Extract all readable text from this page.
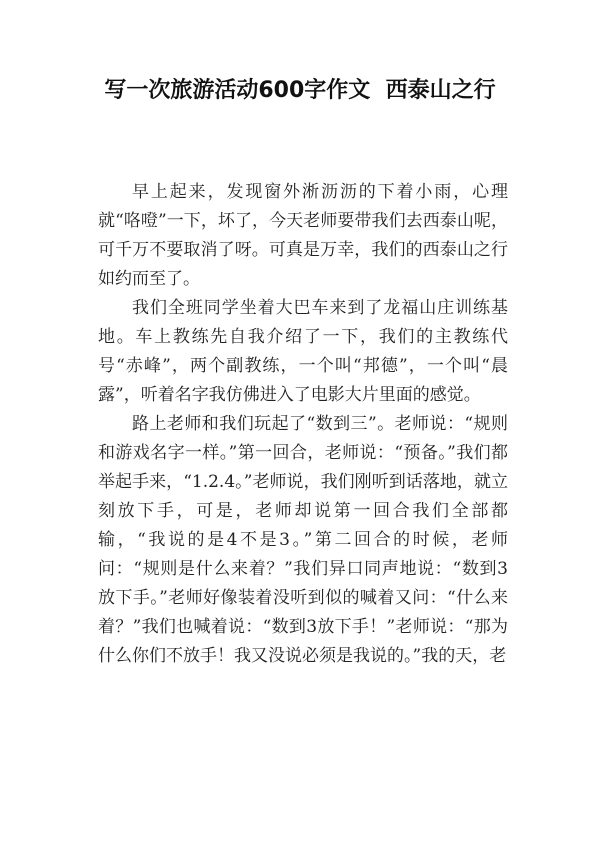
写一次旅游活动600字作文  西泰山之行

早上起来，发现窗外淅沥沥的下着小雨，心理就“咯噔”一下，坏了，今天老师要带我们去西泰山呢，可千万不要取消了呀。可真是万幸，我们的西泰山之行如约而至了。

我们全班同学坐着大巴车来到了龙福山庄训练基地。车上教练先自我介绍了一下，我们的主教练代号“赤峰”，两个副教练，一个叫“邦德”，一个叫“晨露”，听着名字我仿佛进入了电影大片里面的感觉。

路上老师和我们玩起了“数到三”。老师说：“规则和游戏名字一样。”第一回合，老师说：“预备。”我们都举起手来，“1.2.4。”老师说，我们刚听到话落地，就立刻放下手，可是，老师却说第一回合我们全部都输，“我说的是4不是3。”第二回合的时候，老师问：“规则是什么来着？”我们异口同声地说：“数到3放下手。”老师好像装着没听到似的喊着又问：“什么来着？”我们也喊着说：“数到3放下手！”老师说：“那为什么你们不放手！我又没说必须是我说的。”我的天，老
